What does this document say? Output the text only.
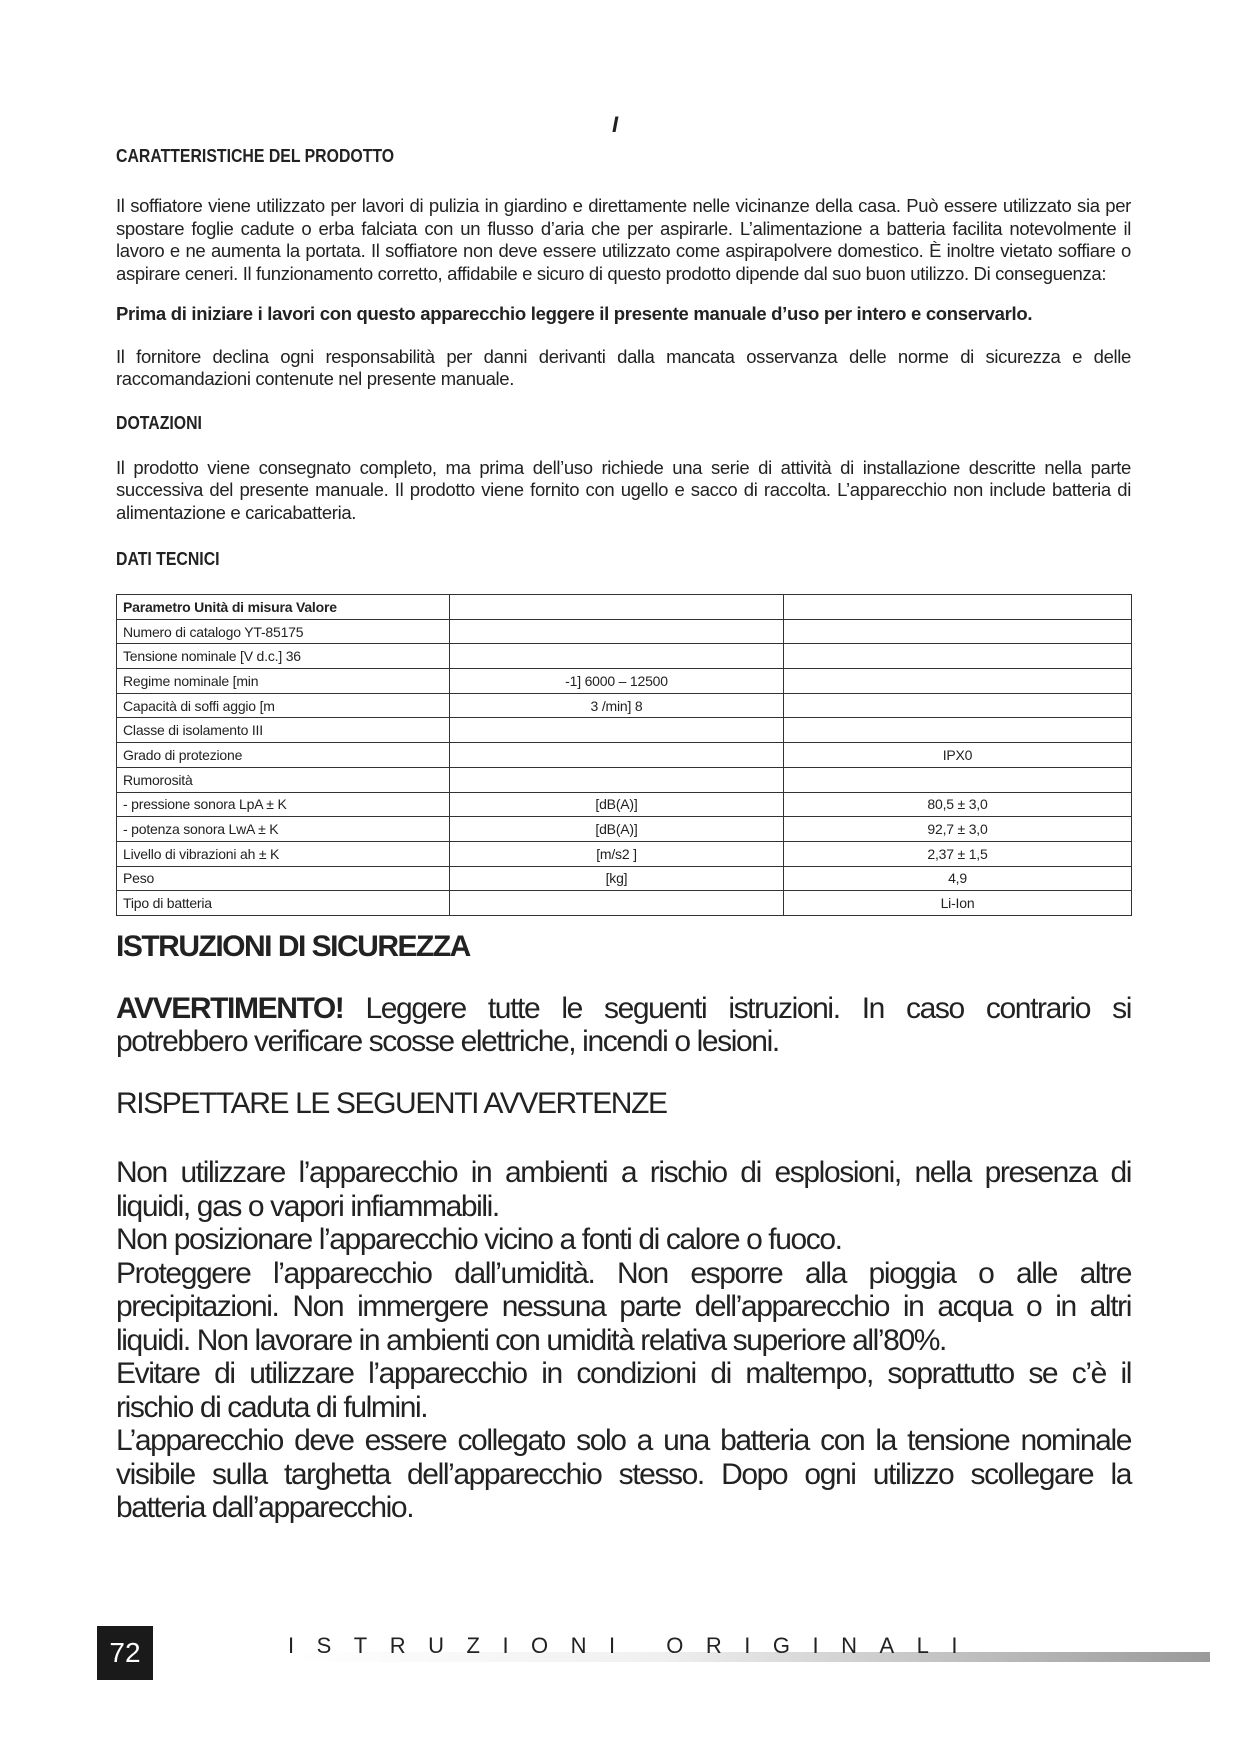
I
CARATTERISTICHE DEL PRODOTTO

Il soffiatore viene utilizzato per lavori di pulizia in giardino e direttamente nelle vicinanze della casa. Può essere utilizzato sia per spostare foglie cadute o erba falciata con un flusso d’aria che per aspirarle. L’alimentazione a batteria facilita notevolmente il lavoro e ne aumenta la portata. Il soffiatore non deve essere utilizzato come aspirapolvere domestico. È inoltre vietato soffiare o aspirare ceneri. Il funzionamento corretto, affidabile e sicuro di questo prodotto dipende dal suo buon utilizzo. Di conseguenza:

Prima di iniziare i lavori con questo apparecchio leggere il presente manuale d’uso per intero e conservarlo.

Il fornitore declina ogni responsabilità per danni derivanti dalla mancata osservanza delle norme di sicurezza e delle raccomandazioni contenute nel presente manuale.

DOTAZIONI

Il prodotto viene consegnato completo, ma prima dell’uso richiede una serie di attività di installazione descritte nella parte successiva del presente manuale. Il prodotto viene fornito con ugello e sacco di raccolta. L’apparecchio non include batteria di alimentazione e caricabatteria.

DATI TECNICI
Parametro Unità di misura Valore		
Numero di catalogo YT-85175		
Tensione nominale [V d.c.] 36		
Regime nominale [min	-1] 6000 – 12500	
Capacità di soffi aggio [m	3 /min] 8	
Classe di isolamento III		
Grado di protezione		IPX0
Rumorosità		
- pressione sonora LpA ± K	[dB(A)]	80,5 ± 3,0
- potenza sonora LwA ± K	[dB(A)]	92,7 ± 3,0
Livello di vibrazioni ah ± K	[m/s2 ]	2,37 ± 1,5
Peso	[kg]	4,9
Tipo di batteria		Li-Ion
ISTRUZIONI DI SICUREZZA

AVVERTIMENTO! Leggere tutte le seguenti istruzioni. In caso contrario si potrebbero verificare scosse elettriche, incendi o lesioni.

RISPETTARE LE SEGUENTI AVVERTENZE

Non utilizzare l’apparecchio in ambienti a rischio di esplosioni, nella presenza di liquidi, gas o vapori infiammabili.

Non posizionare l’apparecchio vicino a fonti di calore o fuoco.

Proteggere l’apparecchio dall’umidità. Non esporre alla pioggia o alle altre precipitazioni. Non immergere nessuna parte dell’apparecchio in acqua o in altri liquidi. Non lavorare in ambienti con umidità relativa superiore all’80%.

Evitare di utilizzare l’apparecchio in condizioni di maltempo, soprattutto se c’è il rischio di caduta di fulmini.

L’apparecchio deve essere collegato solo a una batteria con la tensione nominale visibile sulla targhetta dell’apparecchio stesso. Dopo ogni utilizzo scollegare la batteria dall’apparecchio.

72	ISTRUZIONI ORIGINALI
